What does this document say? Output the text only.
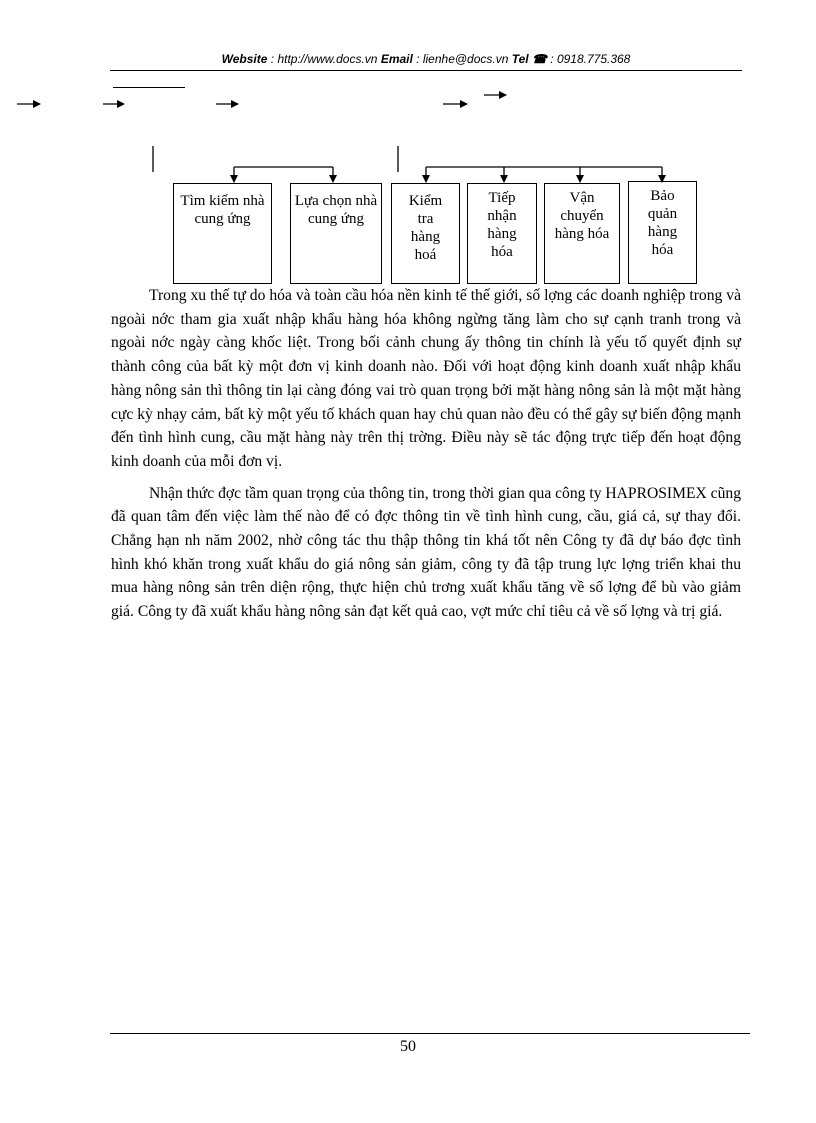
Website : http://www.docs.vn Email : lienhe@docs.vn Tel ☎ : 0918.775.368
Tìm kiếm nhà cung ứng
Lựa chọn nhà cung ứng
Kiểm tra hàng hoá
Tiếp nhận hàng hóa
Vận chuyển hàng hóa
Bảo quản hàng hóa

Trong xu thế tự do hóa và toàn cầu hóa nền kinh tế thế giới, số lợng các doanh nghiệp trong và ngoài nớc tham gia xuất nhập khẩu hàng hóa không ngừng tăng làm cho sự cạnh tranh trong và ngoài nớc ngày càng khốc liệt. Trong bối cảnh chung ấy thông tin chính là yếu tố quyết định sự thành công của bất kỳ một đơn vị kinh doanh nào. Đối với hoạt động kinh doanh xuất nhập khẩu hàng nông sản thì thông tin lại càng đóng vai trò quan trọng bởi mặt hàng nông sản là một mặt hàng cực kỳ nhạy cảm, bất kỳ một yếu tố khách quan hay chủ quan nào đều có thể gây sự biến động mạnh đến tình hình cung, cầu mặt hàng này trên thị trờng. Điều này sẽ tác động trực tiếp đến hoạt động kinh doanh của mỗi đơn vị.

Nhận thức đợc tầm quan trọng của thông tin, trong thời gian qua công ty HAPROSIMEX cũng đã quan tâm đến việc làm thế nào để có đợc thông tin về tình hình cung, cầu, giá cả, sự thay đổi. Chẳng hạn nh năm 2002, nhờ công tác thu thập thông tin khá tốt nên Công ty đã dự báo đợc tình hình khó khăn trong xuất khẩu do giá nông sản giảm, công ty đã tập trung lực lợng triển khai thu mua hàng nông sản trên diện rộng, thực hiện chủ trơng xuất khẩu tăng về số lợng để bù vào giảm giá. Công ty đã xuất khẩu hàng nông sản đạt kết quả cao, vợt mức chỉ tiêu cả về số lợng và trị giá.

50
